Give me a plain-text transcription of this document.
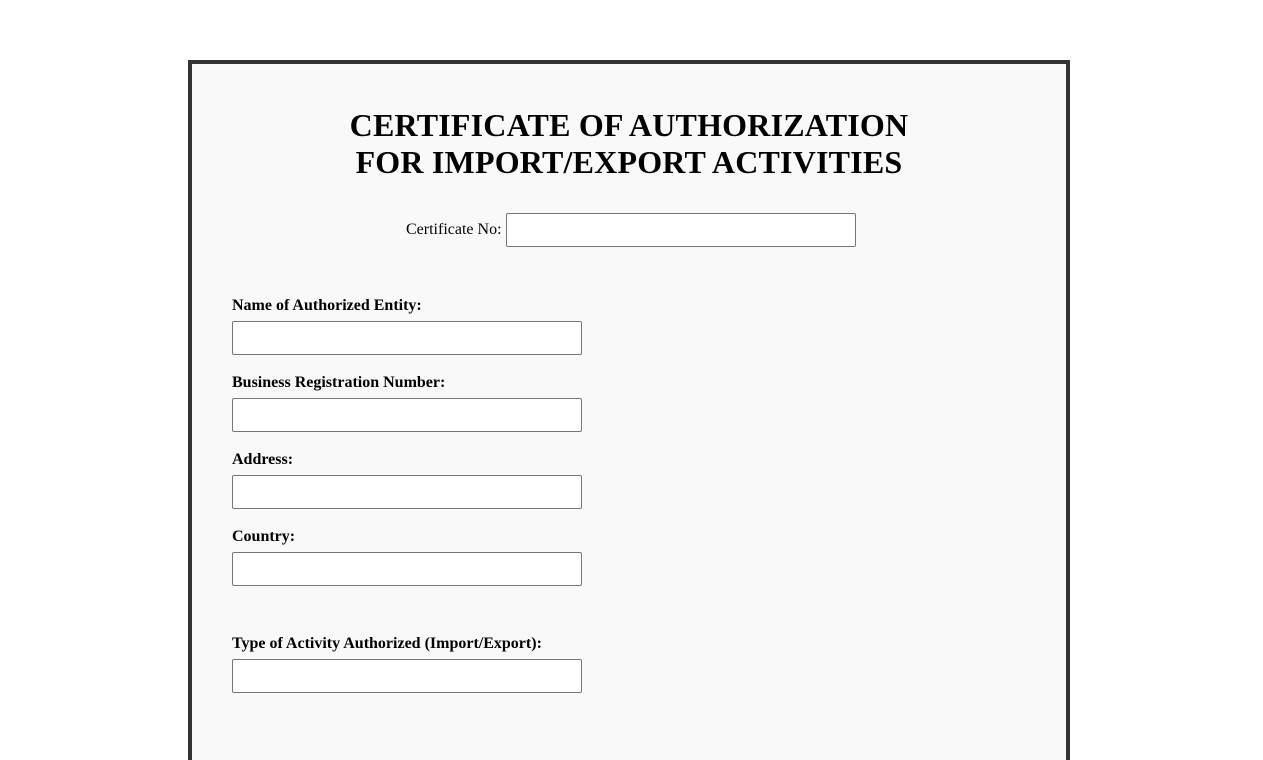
CERTIFICATE OF AUTHORIZATION
FOR IMPORT/EXPORT ACTIVITIES
Certificate No:
Name of Authorized Entity:
Business Registration Number:
Address:
Country:
Type of Activity Authorized (Import/Export):
